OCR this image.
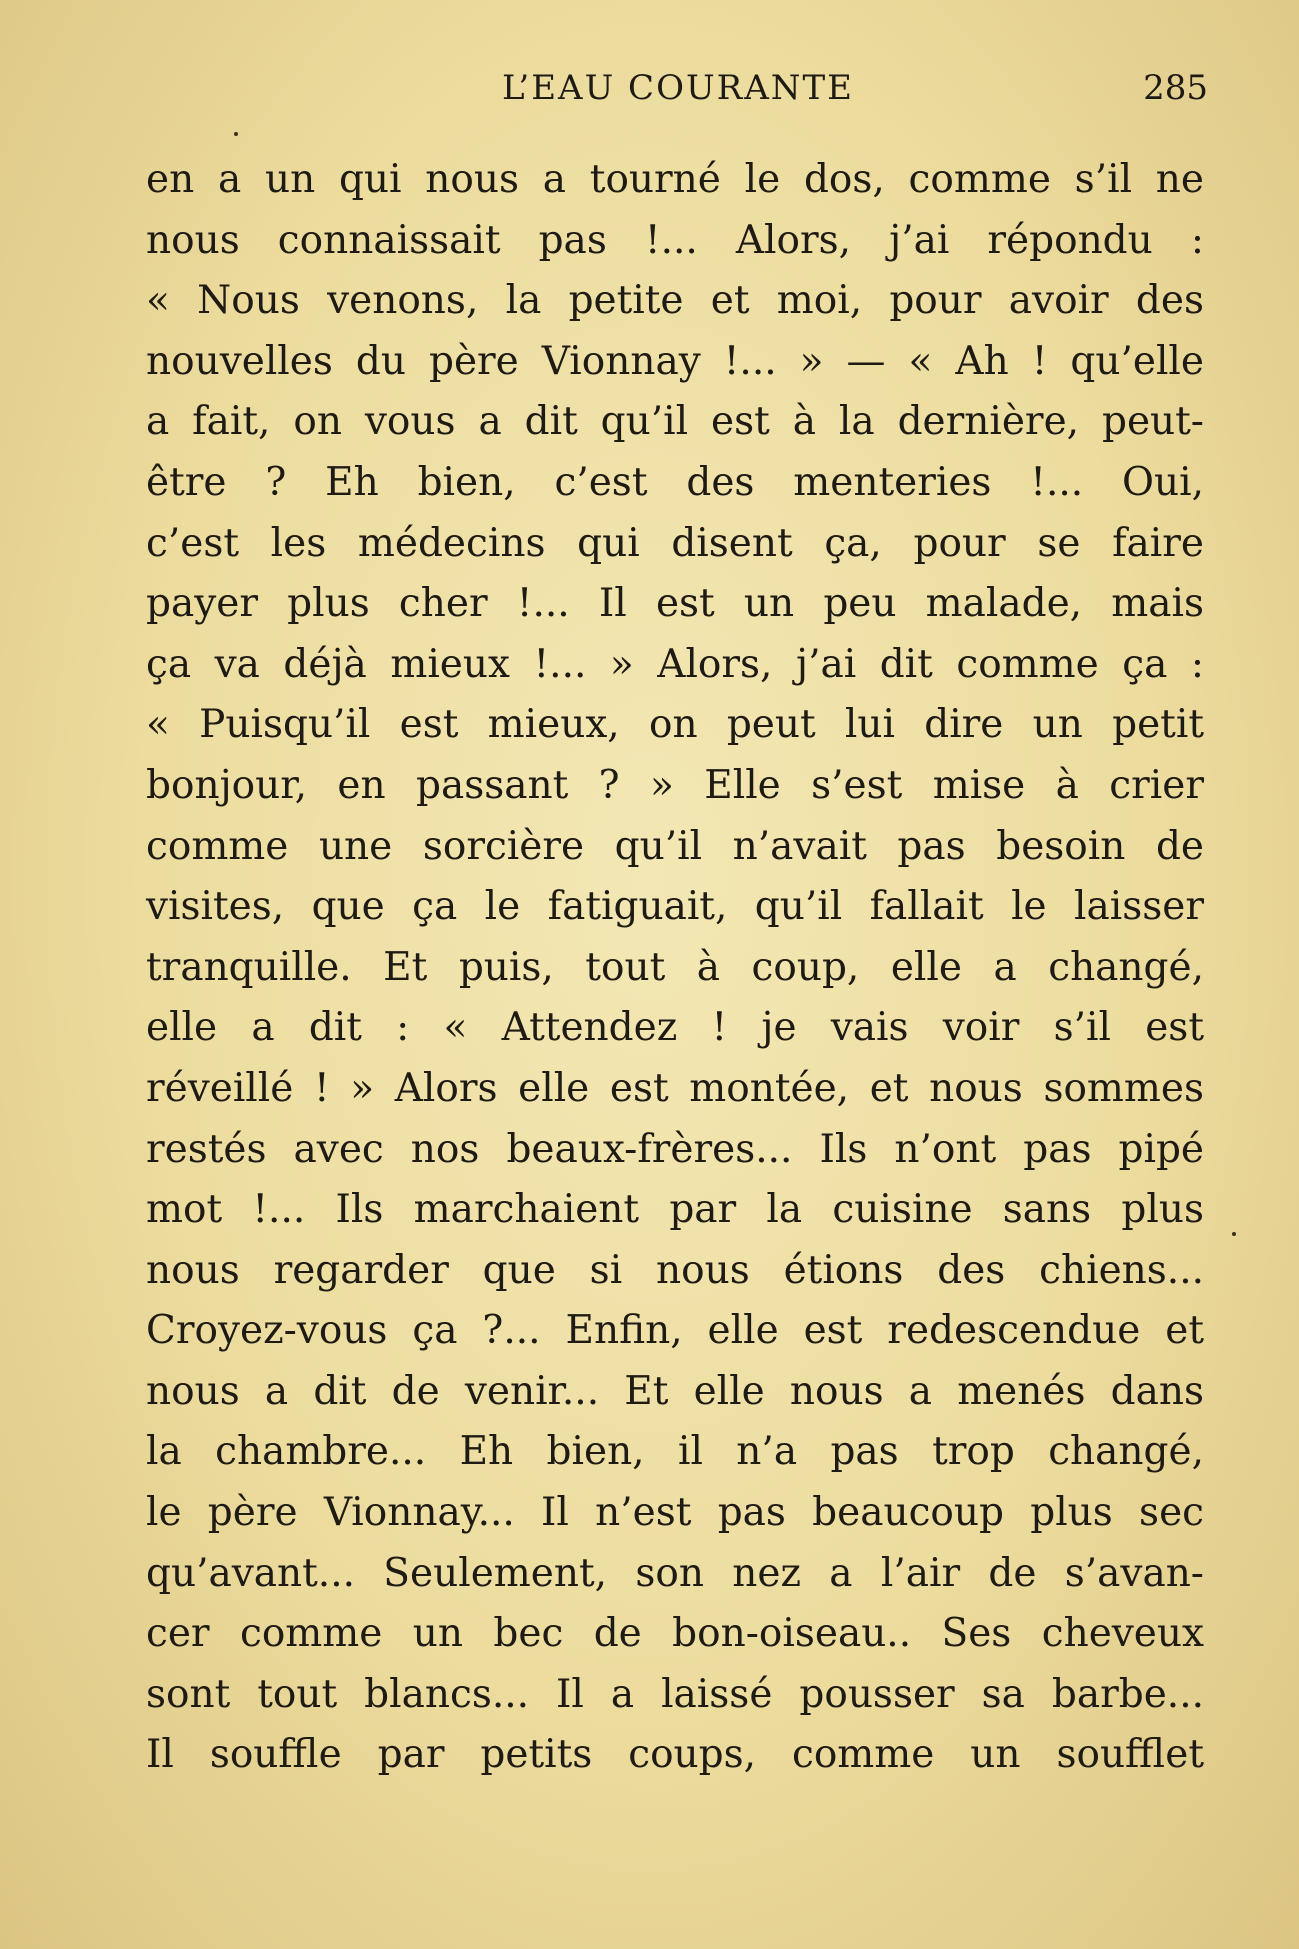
L’EAU COURANTE	285
en a un qui nous a tourné le dos, comme s’il ne
nous connaissait pas !... Alors, j’ai répondu :
« Nous venons, la petite et moi, pour avoir des
nouvelles du père Vionnay !... » — « Ah ! qu’elle
a fait, on vous a dit qu’il est à la dernière, peut-
être ? Eh bien, c’est des menteries !... Oui,
c’est les médecins qui disent ça, pour se faire
payer plus cher !... Il est un peu malade, mais
ça va déjà mieux !... » Alors, j’ai dit comme ça :
« Puisqu’il est mieux, on peut lui dire un petit
bonjour, en passant ? » Elle s’est mise à crier
comme une sorcière qu’il n’avait pas besoin de
visites, que ça le fatiguait, qu’il fallait le laisser
tranquille. Et puis, tout à coup, elle a changé,
elle a dit : « Attendez ! je vais voir s’il est
réveillé ! » Alors elle est montée, et nous sommes
restés avec nos beaux-frères... Ils n’ont pas pipé
mot !... Ils marchaient par la cuisine sans plus
nous regarder que si nous étions des chiens...
Croyez-vous ça ?... Enfin, elle est redescendue et
nous a dit de venir... Et elle nous a menés dans
la chambre... Eh bien, il n’a pas trop changé,
le père Vionnay... Il n’est pas beaucoup plus sec
qu’avant... Seulement, son nez a l’air de s’avan-
cer comme un bec de bon-oiseau.. Ses cheveux
sont tout blancs... Il a laissé pousser sa barbe...
Il souffle par petits coups, comme un soufflet
